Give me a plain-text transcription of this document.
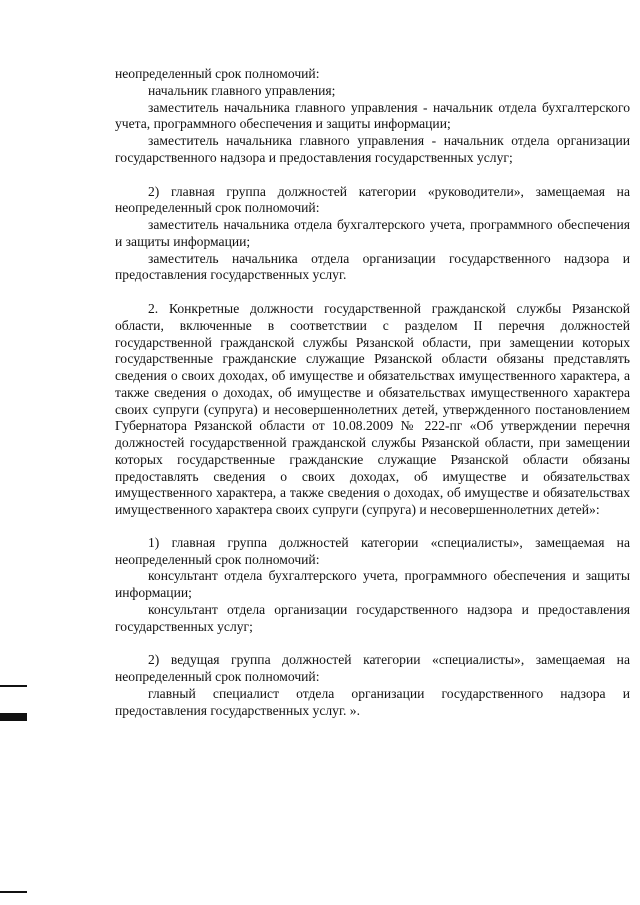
неопределенный срок полномочий:

начальник главного управления;

заместитель начальника главного управления - начальник отдела бухгалтерского учета, программного обеспечения и защиты информации;

заместитель начальника главного управления - начальник отдела организации государственного надзора и предоставления государственных услуг;

2) главная группа должностей категории «руководители», замещаемая на неопределенный срок полномочий:

заместитель начальника отдела бухгалтерского учета, программного обеспечения и защиты информации;

заместитель начальника отдела организации государственного надзора и предоставления государственных услуг.

2. Конкретные должности государственной гражданской службы Рязанской области, включенные в соответствии с разделом II перечня должностей государственной гражданской службы Рязанской области, при замещении которых государственные гражданские служащие Рязанской области обязаны представлять сведения о своих доходах, об имуществе и обязательствах имущественного характера, а также сведения о доходах, об имуществе и обязательствах имущественного характера своих супруги (супруга) и несовершеннолетних детей, утвержденного постановлением Губернатора Рязанской области от 10.08.2009 № 222-пг «Об утверждении перечня должностей государственной гражданской службы Рязанской области, при замещении которых государственные гражданские служащие Рязанской области обязаны предоставлять сведения о своих доходах, об имуществе и обязательствах имущественного характера, а также сведения о доходах, об имуществе и обязательствах имущественного характера своих супруги (супруга) и несовершеннолетних детей»:

1) главная группа должностей категории «специалисты», замещаемая на неопределенный срок полномочий:

консультант отдела бухгалтерского учета, программного обеспечения и защиты информации;

консультант отдела организации государственного надзора и предоставления государственных услуг;

2) ведущая группа должностей категории «специалисты», замещаемая на неопределенный срок полномочий:

главный специалист отдела организации государственного надзора и предоставления государственных услуг. ».
